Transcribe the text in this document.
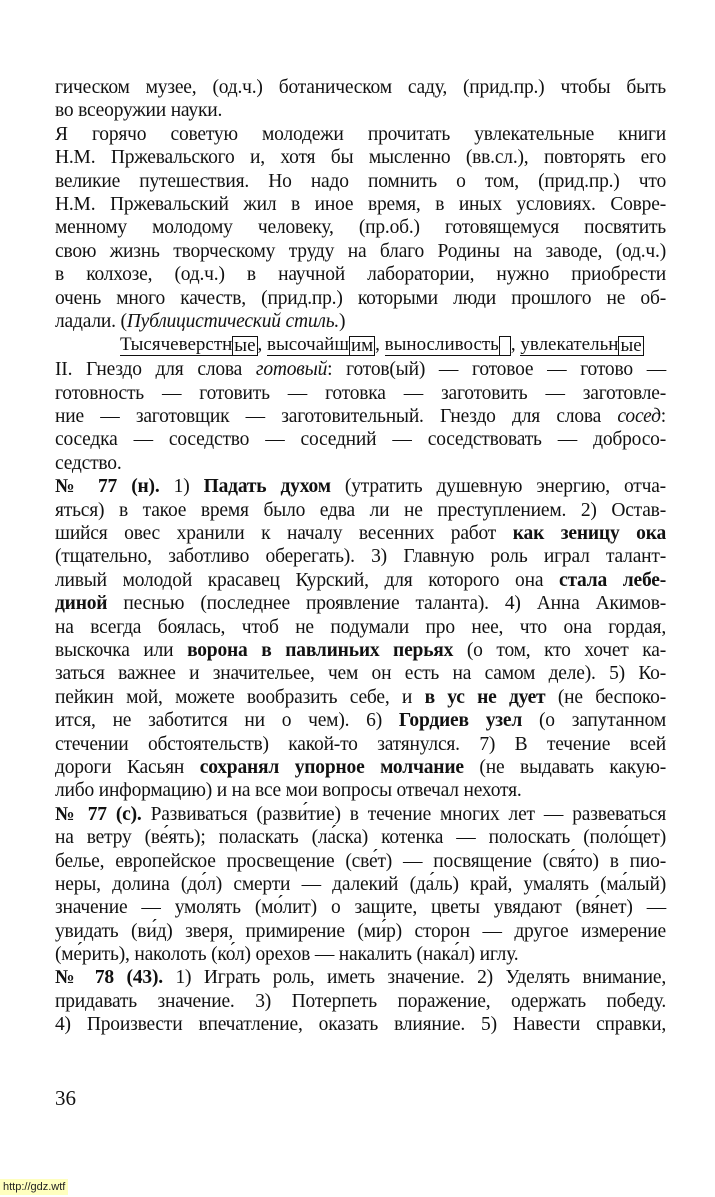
гическом музее, (од.ч.) ботаническом саду, (прид.пр.) чтобы быть
во всеоружии науки.
Я горячо советую молодежи прочитать увлекательные книги
Н.М. Пржевальского и, хотя бы мысленно (вв.сл.), повторять его
великие путешествия. Но надо помнить о том, (прид.пр.) что
Н.М. Пржевальский жил в иное время, в иных условиях. Совре-
менному молодому человеку, (пр.об.) готовящемуся посвятить
свою жизнь творческому труду на благо Родины на заводе, (од.ч.)
в колхозе, (од.ч.) в научной лаборатории, нужно приобрести
очень много качеств, (прид.пр.) которыми люди прошлого не об-
ладали. (Публицистический стиль.)
Тысячеверстн ые , высочайш им , выносливость , увлекательн ые
II. Гнездо для слова готовый: готов(ый) — готовое — готово —
готовность — готовить — готовка — заготовить — заготовле-
ние — заготовщик — заготовительный. Гнездо для слова сосед:
соседка — соседство — соседний — соседствовать — добросо-
седство.
№ 77 (н). 1) Падать духом (утратить душевную энергию, отча-
яться) в такое время было едва ли не преступлением. 2) Остав-
шийся овес хранили к началу весенних работ как зеницу ока
(тщательно, заботливо оберегать). 3) Главную роль играл талант-
ливый молодой красавец Курский, для которого она стала лебе-
диной песнью (последнее проявление таланта). 4) Анна Акимов-
на всегда боялась, чтоб не подумали про нее, что она гордая,
выскочка или ворона в павлиньих перьях (о том, кто хочет ка-
заться важнее и значительее, чем он есть на самом деле). 5) Ко-
пейкин мой, можете вообразить себе, и в ус не дует (не беспоко-
ится, не заботится ни о чем). 6) Гордиев узел (о запутанном
стечении обстоятельств) какой-то затянулся. 7) В течение всей
дороги Касьян сохранял упорное молчание (не выдавать какую-
либо информацию) и на все мои вопросы отвечал нехотя.
№ 77 (с). Развиваться (разви́тие) в течение многих лет — развеваться
на ветру (ве́ять); поласкать (ла́ска) котенка — полоскать (поло́щет)
белье, европейское просвещение (све́т) — посвящение (свя́то) в пио-
неры, долина (до́л) смерти — далекий (да́ль) край, умалять (ма́лый)
значение — умолять (мо́лит) о защите, цветы увядают (вя́нет) —
увидать (ви́д) зверя, примирение (ми́р) сторон — другое измерение
(ме́рить), наколоть (ко́л) орехов — накалить (нака́л) иглу.
№ 78 (43). 1) Играть роль, иметь значение. 2) Уделять внимание,
придавать значение. 3) Потерпеть поражение, одержать победу.
4) Произвести впечатление, оказать влияние. 5) Навести справки,
36
http://gdz.wtf
